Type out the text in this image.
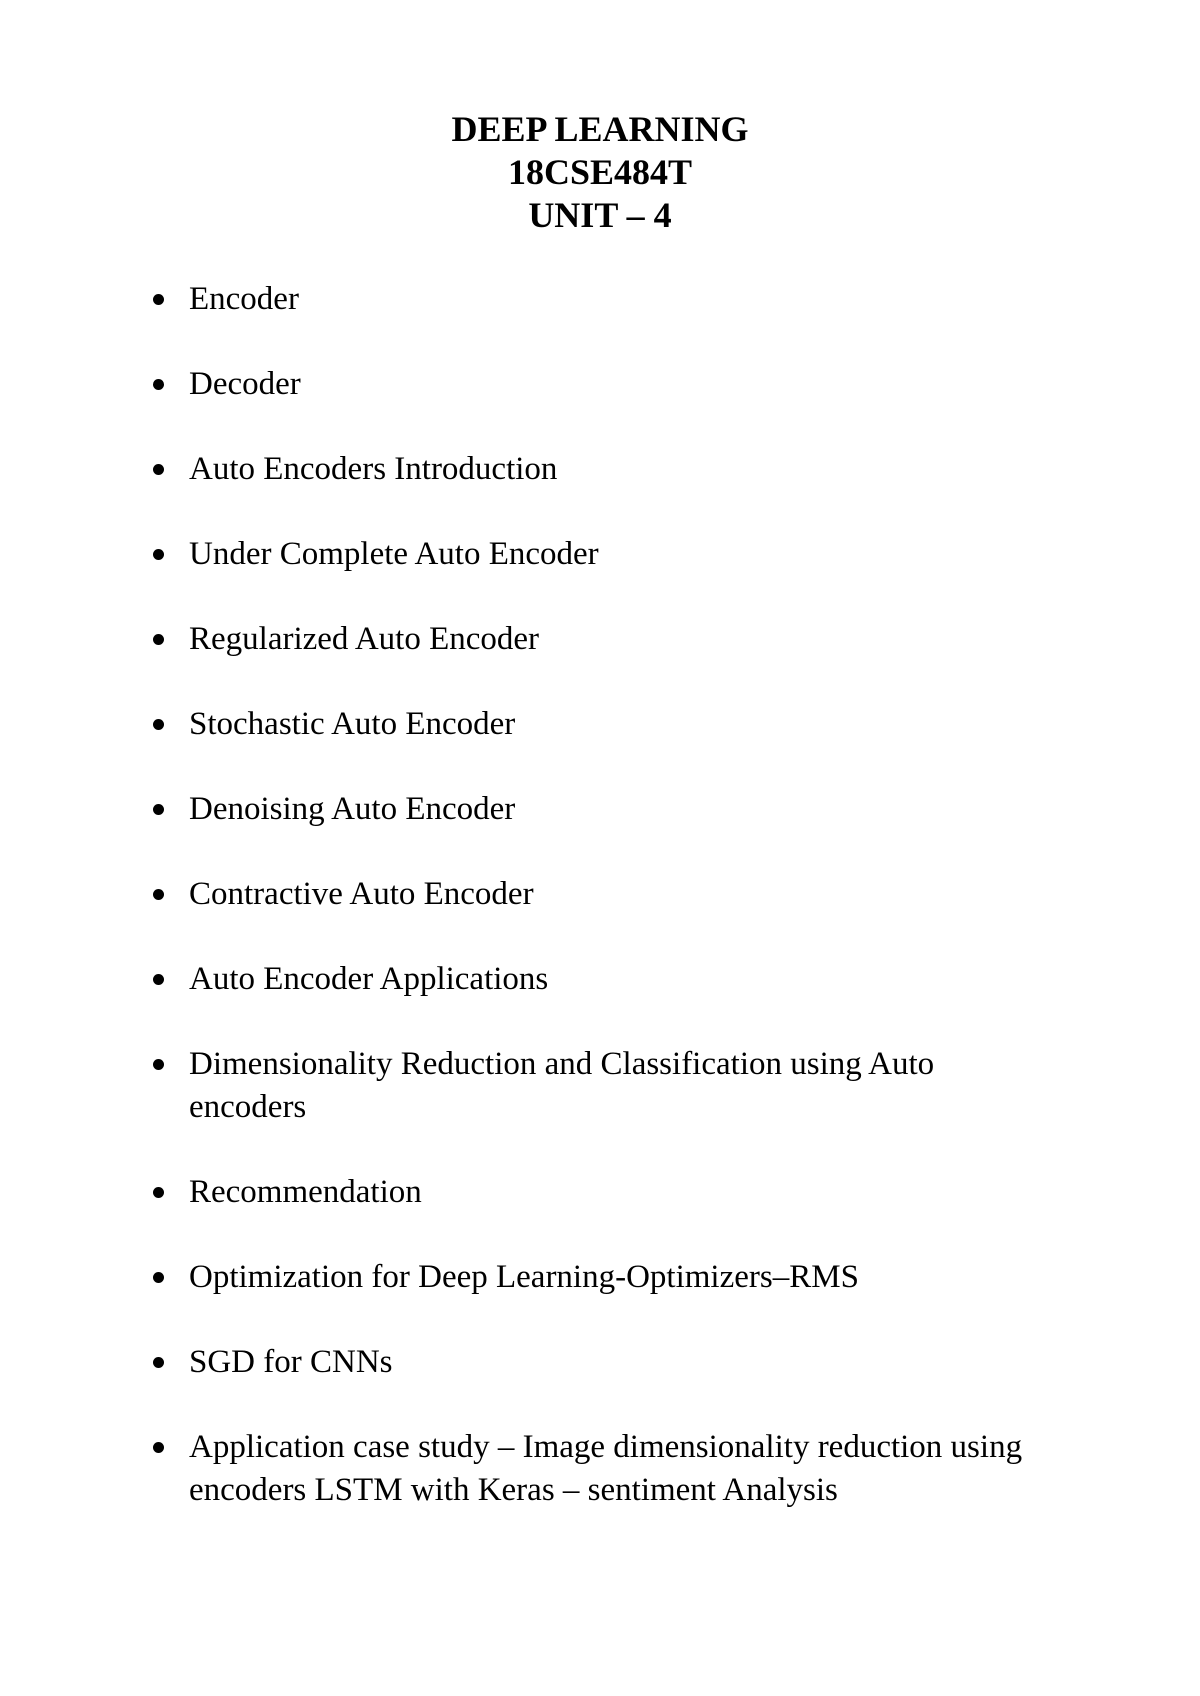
DEEP LEARNING
18CSE484T
UNIT – 4
Encoder
Decoder
Auto Encoders Introduction
Under Complete Auto Encoder
Regularized Auto Encoder
Stochastic Auto Encoder
Denoising Auto Encoder
Contractive Auto Encoder
Auto Encoder Applications
Dimensionality Reduction and Classification using Auto encoders
Recommendation
Optimization for Deep Learning-Optimizers–RMS
SGD for CNNs
Application case study – Image dimensionality reduction using encoders LSTM with Keras – sentiment Analysis
